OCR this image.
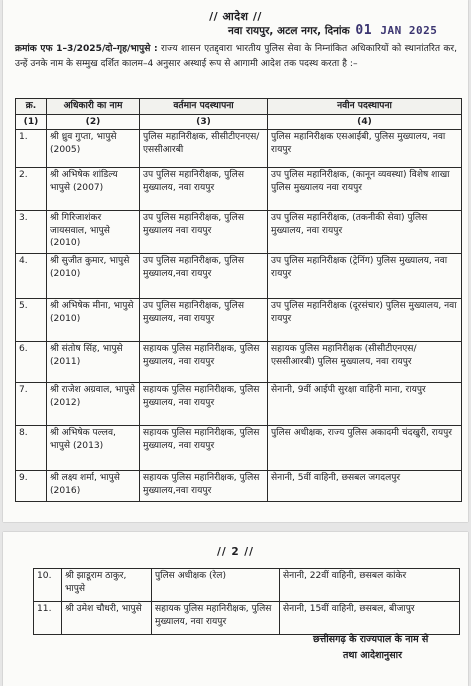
// आदेश //
नवा रायपुर, अटल नगर, दिनांक 01 JAN 2025
क्रमांक एफ 1–3/2025/दो–गृह/भापुसे : राज्य शासन एतद्द्वारा भारतीय पुलिस सेवा के निम्नांकित अधिकारियों को स्थानांतरित कर, उन्हें उनके नाम के सम्मुख दर्शित कालम–4 अनुसार अस्थाई रूप से आगामी आदेश तक पदस्थ करता है :–
क्र.	अधिकारी का नाम	वर्तमान पदस्थापना	नवीन पदस्थापना
(1)	(2)	(3)	(4)
1.	श्री ध्रुव गुप्ता, भापुसे (2005)	पुलिस महानिरीक्षक, सीसीटीएनएस/एससीआरबी	पुलिस महानिरीक्षक एसआईबी, पुलिस मुख्यालय, नवा रायपुर
2.	श्री अभिषेक शांडिल्य भापुसे (2007)	उप पुलिस महानिरीक्षक, पुलिस मुख्यालय, नवा रायपुर	उप पुलिस महानिरीक्षक, (कानून व्यवस्था) विशेष शाखा पुलिस मुख्यालय नवा रायपुर
3.	श्री गिरिजाशंकर जायसवाल, भापुसे (2010)	उप पुलिस महानिरीक्षक, पुलिस मुख्यालय नवा रायपुर	उप पुलिस महानिरीक्षक, (तकनीकी सेवा) पुलिस मुख्यालय, नवा रायपुर
4.	श्री सुजीत कुमार, भापुसे (2010)	उप पुलिस महानिरीक्षक, पुलिस मुख्यालय,नवा रायपुर	उप पुलिस महानिरीक्षक (ट्रेनिंग) पुलिस मुख्यालय, नवा रायपुर
5.	श्री अभिषेक मीना, भापुसे (2010)	उप पुलिस महानिरीक्षक, पुलिस मुख्यालय, नवा रायपुर	उप पुलिस महानिरीक्षक (दूरसंचार) पुलिस मुख्यालय, नवा रायपुर
6.	श्री संतोष सिंह, भापुसे (2011)	सहायक पुलिस महानिरीक्षक, पुलिस मुख्यालय, नवा रायपुर	सहायक पुलिस महानिरीक्षक (सीसीटीएनएस/एससीआरबी) पुलिस मुख्यालय, नवा रायपुर
7.	श्री राजेश अग्रवाल, भापुसे (2012)	सहायक पुलिस महानिरीक्षक, पुलिस मुख्यालय, नवा रायपुर	सेनानी, 9वीं आईपी सुरक्षा वाहिनी माना, रायपुर
8.	श्री अभिषेक पल्लव, भापुसे (2013)	सहायक पुलिस महानिरीक्षक, पुलिस मुख्यालय, नवा रायपुर	पुलिस अधीक्षक, राज्य पुलिस अकादमी चंदखुरी, रायपुर
9.	श्री लक्ष्य शर्मा, भापुसे (2016)	सहायक पुलिस महानिरीक्षक, पुलिस मुख्यालय,नवा रायपुर	सेनानी, 5वीं वाहिनी, छसबल जगदलपुर
// 2 //
10.	श्री झाडूराम ठाकुर, भापुसे	पुलिस अधीक्षक (रेल)	सेनानी, 22वीं वाहिनी, छसबल कांकेर
11.	श्री उमेश चौधरी, भापुसे	सहायक पुलिस महानिरीक्षक, पुलिस मुख्यालय, नवा रायपुर	सेनानी, 15वीं वाहिनी, छसबल, बीजापुर
छत्तीसगढ़ के राज्यपाल के नाम से
तथा आदेशानुसार
